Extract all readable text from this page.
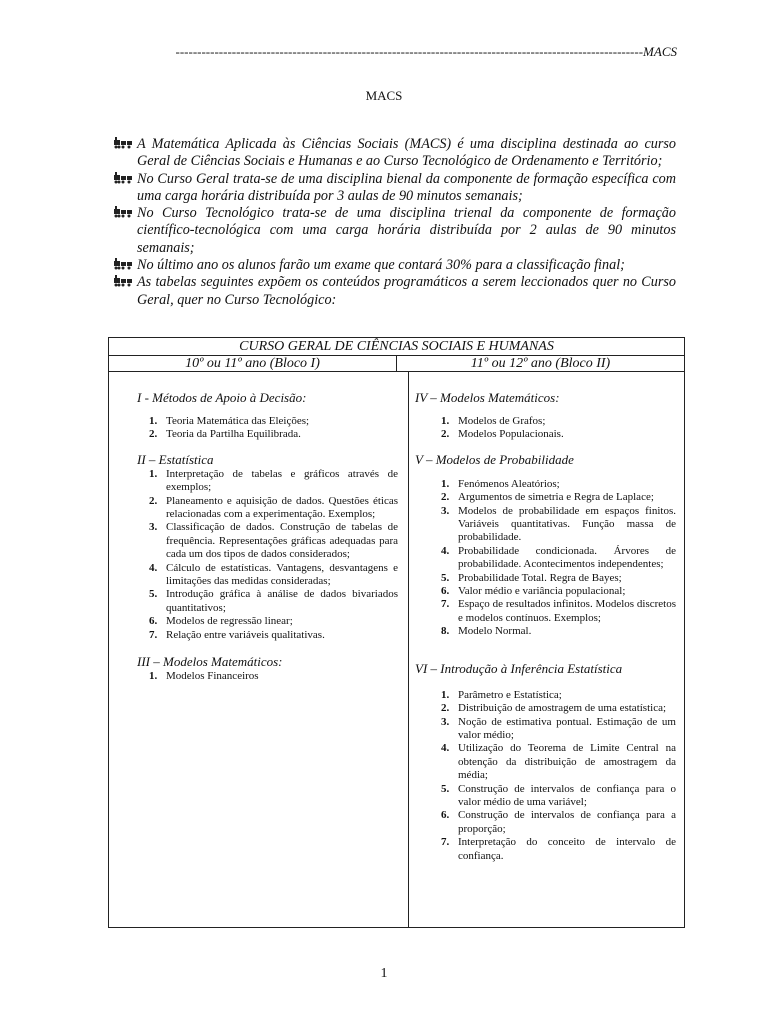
------------------------------------------------------------------------------------------------------------MACS
MACS
A Matemática Aplicada às Ciências Sociais (MACS) é uma disciplina destinada ao curso Geral de Ciências Sociais e Humanas e ao Curso Tecnológico de Ordenamento e Território;
No Curso Geral trata-se de uma disciplina bienal da componente de formação específica com uma carga horária distribuída por 3 aulas de 90 minutos semanais;
No Curso Tecnológico trata-se de uma disciplina trienal da componente de formação científico-tecnológica com uma carga horária distribuída por 2 aulas de 90 minutos semanais;
No último ano os alunos farão um exame que contará 30% para a classificação final;
As tabelas seguintes expõem os conteúdos programáticos a serem leccionados quer no Curso Geral, quer no Curso Tecnológico:
CURSO GERAL DE CIÊNCIAS SOCIAIS E HUMANAS
10º ou 11º ano (Bloco I)	11º ou 12º ano (Bloco II)

I - Métodos de Apoio à Decisão:

1. Teoria Matemática das Eleições;
2. Teoria da Partilha Equilibrada.

II – Estatística

1. Interpretação de tabelas e gráficos através de exemplos;
2. Planeamento e aquisição de dados. Questões éticas relacionadas com a experimentação. Exemplos;
3. Classificação de dados. Construção de tabelas de frequência. Representações gráficas adequadas para cada um dos tipos de dados considerados;
4. Cálculo de estatísticas. Vantagens, desvantagens e limitações das medidas consideradas;
5. Introdução gráfica à análise de dados bivariados quantitativos;
6. Modelos de regressão linear;
7. Relação entre variáveis qualitativas.

III – Modelos Matemáticos:

1. Modelos Financeiros

IV – Modelos Matemáticos:

1. Modelos de Grafos;
2. Modelos Populacionais.

V – Modelos de Probabilidade

1. Fenómenos Aleatórios;
2. Argumentos de simetria e Regra de Laplace;
3. Modelos de probabilidade em espaços finitos. Variáveis quantitativas. Função massa de probabilidade.
4. Probabilidade condicionada. Árvores de probabilidade. Acontecimentos independentes;
5. Probabilidade Total. Regra de Bayes;
6. Valor médio e variância populacional;
7. Espaço de resultados infinitos. Modelos discretos e modelos contínuos. Exemplos;
8. Modelo Normal.

VI – Introdução à Inferência Estatística

1. Parâmetro e Estatística;
2. Distribuição de amostragem de uma estatística;
3. Noção de estimativa pontual. Estimação de um valor médio;
4. Utilização do Teorema de Limite Central na obtenção da distribuição de amostragem da média;
5. Construção de intervalos de confiança para o valor médio de uma variável;
6. Construção de intervalos de confiança para a proporção;
7. Interpretação do conceito de intervalo de confiança.
1
